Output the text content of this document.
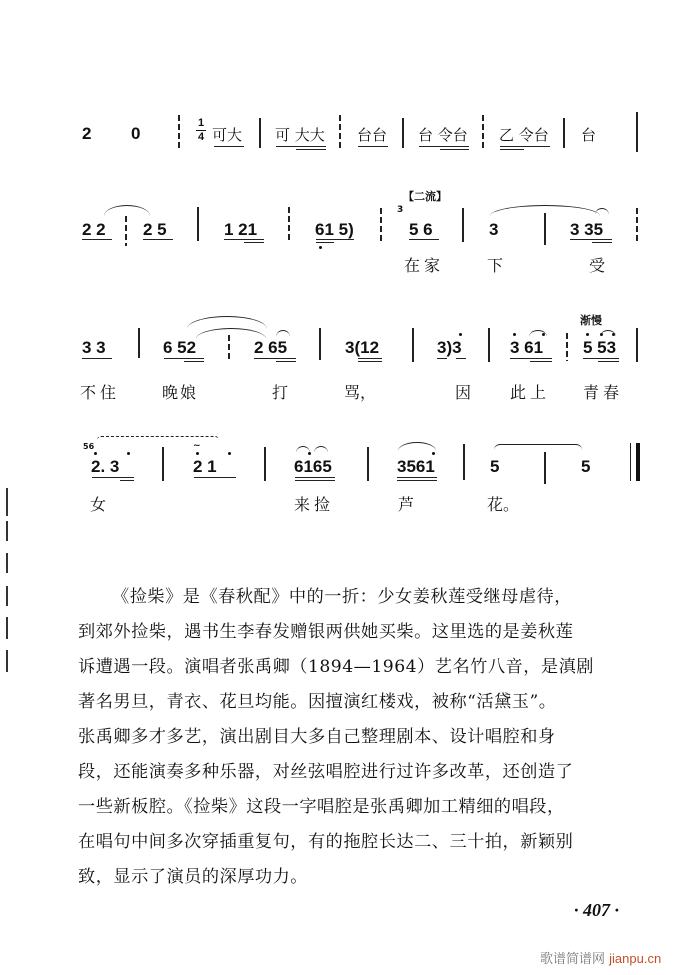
2 0
1
4 可大 可 大大 台台 台 令台 乙 令台 台
2 2 2 5	1 21	61 5)
【二流】
3
5 6	3	3 35
在家	下	受
3 3	6 52	2 65	3(12	3)3	3 61
渐慢
5 53
不住	晚娘	打	骂，	因 此上 青春
56
2. 3
~
2 1	6165	3561	5	5
女	来捡	芦	花。

《捡柴》是《春秋配》中的一折：少女姜秋莲受继母虐待，

到郊外捡柴，遇书生李春发赠银两供她买柴。这里选的是姜秋莲

诉遭遇一段。演唱者张禹卿（1894—1964）艺名竹八音，是滇剧

著名男旦，青衣、花旦均能。因擅演红楼戏，被称“活黛玉”。

张禹卿多才多艺，演出剧目大多自己整理剧本、设计唱腔和身

段，还能演奏多种乐器，对丝弦唱腔进行过许多改革，还创造了

一些新板腔。《捡柴》这段一字唱腔是张禹卿加工精细的唱段，

在唱句中间多次穿插重复句，有的拖腔长达二、三十拍，新颖别

致，显示了演员的深厚功力。

· 407 ·
歌谱简谱网 jianpu.cn
